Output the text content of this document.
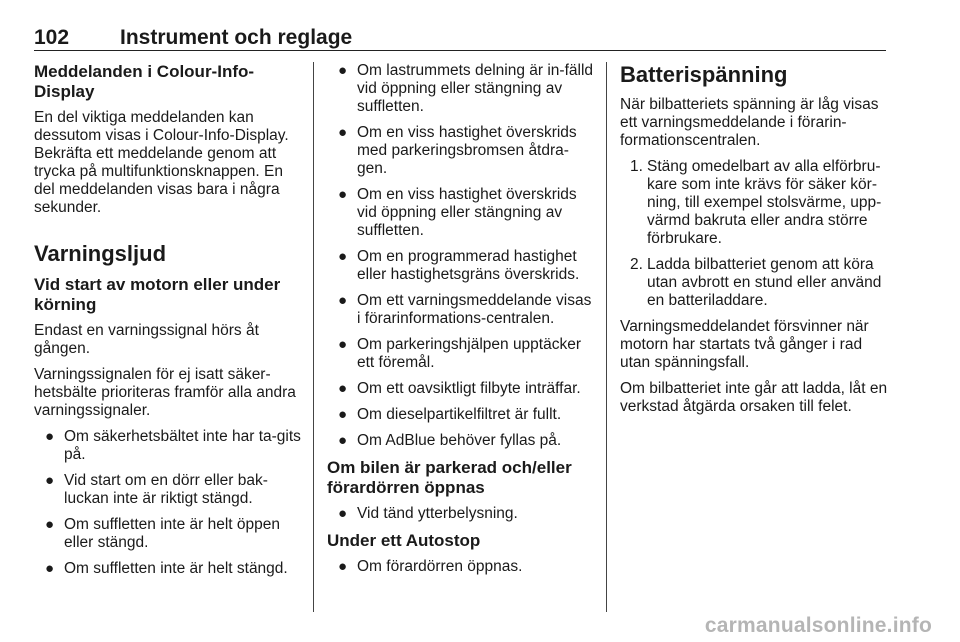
102 Instrument och reglage
Meddelanden i Colour-Info-Display

En del viktiga meddelanden kan dessutom visas i Colour-Info-Display. Bekräfta ett meddelande genom att trycka på multifunktionsknappen. En del meddelanden visas bara i några sekunder.

Varningsljud
Vid start av motorn eller under körning

Endast en varningssignal hörs åt gången.

Varningssignalen för ej isatt säker-hetsbälte prioriteras framför alla andra varningssignaler.

● Om säkerhetsbältet inte har ta-gits på.
● Vid start om en dörr eller bak-luckan inte är riktigt stängd.
● Om suffletten inte är helt öppen eller stängd.
● Om suffletten inte är helt stängd.
● Om lastrummets delning är in-fälld vid öppning eller stängning av suffletten.
● Om en viss hastighet överskrids med parkeringsbromsen åtdra-gen.
● Om en viss hastighet överskrids vid öppning eller stängning av suffletten.
● Om en programmerad hastighet eller hastighetsgräns överskrids.
● Om ett varningsmeddelande visas i förarinformations-centralen.
● Om parkeringshjälpen upptäcker ett föremål.
● Om ett oavsiktligt filbyte inträffar.
● Om dieselpartikelfiltret är fullt.
● Om AdBlue behöver fyllas på.
Om bilen är parkerad och/eller förardörren öppnas
● Vid tänd ytterbelysning.
Under ett Autostop
● Om förardörren öppnas.
Batterispänning

När bilbatteriets spänning är låg visas ett varningsmeddelande i förarin-formationscentralen.

1. Stäng omedelbart av alla elförbru-kare som inte krävs för säker kör-ning, till exempel stolsvärme, upp-värmd bakruta eller andra större förbrukare.
2. Ladda bilbatteriet genom att köra utan avbrott en stund eller använd en batteriladdare.

Varningsmeddelandet försvinner när motorn har startats två gånger i rad utan spänningsfall.

Om bilbatteriet inte går att ladda, låt en verkstad åtgärda orsaken till felet.

carmanualsonline.info
